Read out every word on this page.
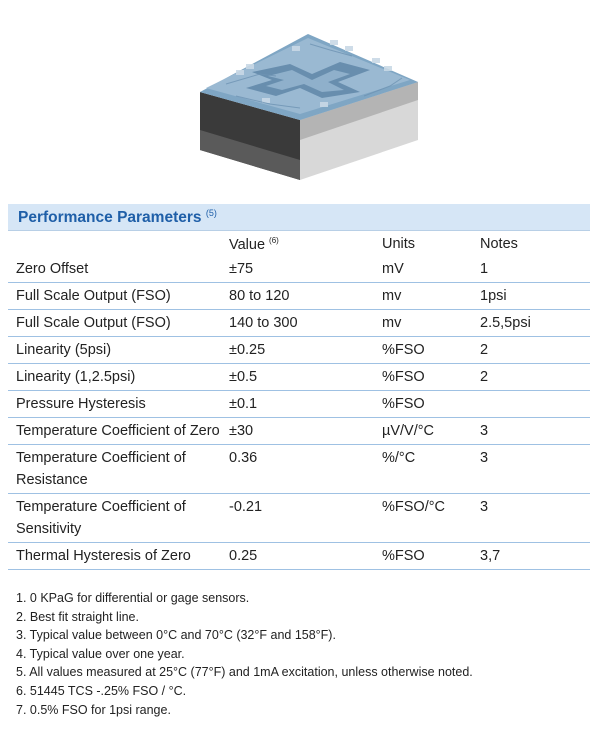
Performance Parameters $^{(5)}$
	Value $^{(6)}$	Units	Notes
Zero Offset	±75	mV	1
Full Scale Output (FSO)	80 to 120	mv	1psi
Full Scale Output (FSO)	140 to 300	mv	2.5,5psi
Linearity (5psi)	±0.25	%FSO	2
Linearity (1,2.5psi)	±0.5	%FSO	2
Pressure Hysteresis	±0.1	%FSO	
Temperature Coefficient of Zero	±30	µV/V/°C	3
Temperature Coefficient of Resistance	0.36	%/°C	3
Temperature Coefficient of Sensitivity	-0.21	%FSO/°C	3
Thermal Hysteresis of Zero	0.25	%FSO	3,7
1. 0 KPaG for differential or gage sensors.
2. Best fit straight line.
3. Typical value between 0°C and 70°C (32°F and 158°F).
4. Typical value over one year.
5. All values measured at 25°C (77°F) and 1mA excitation, unless otherwise noted.
6. 51445 TCS -.25% FSO / °C.
7. 0.5% FSO for 1psi range.
